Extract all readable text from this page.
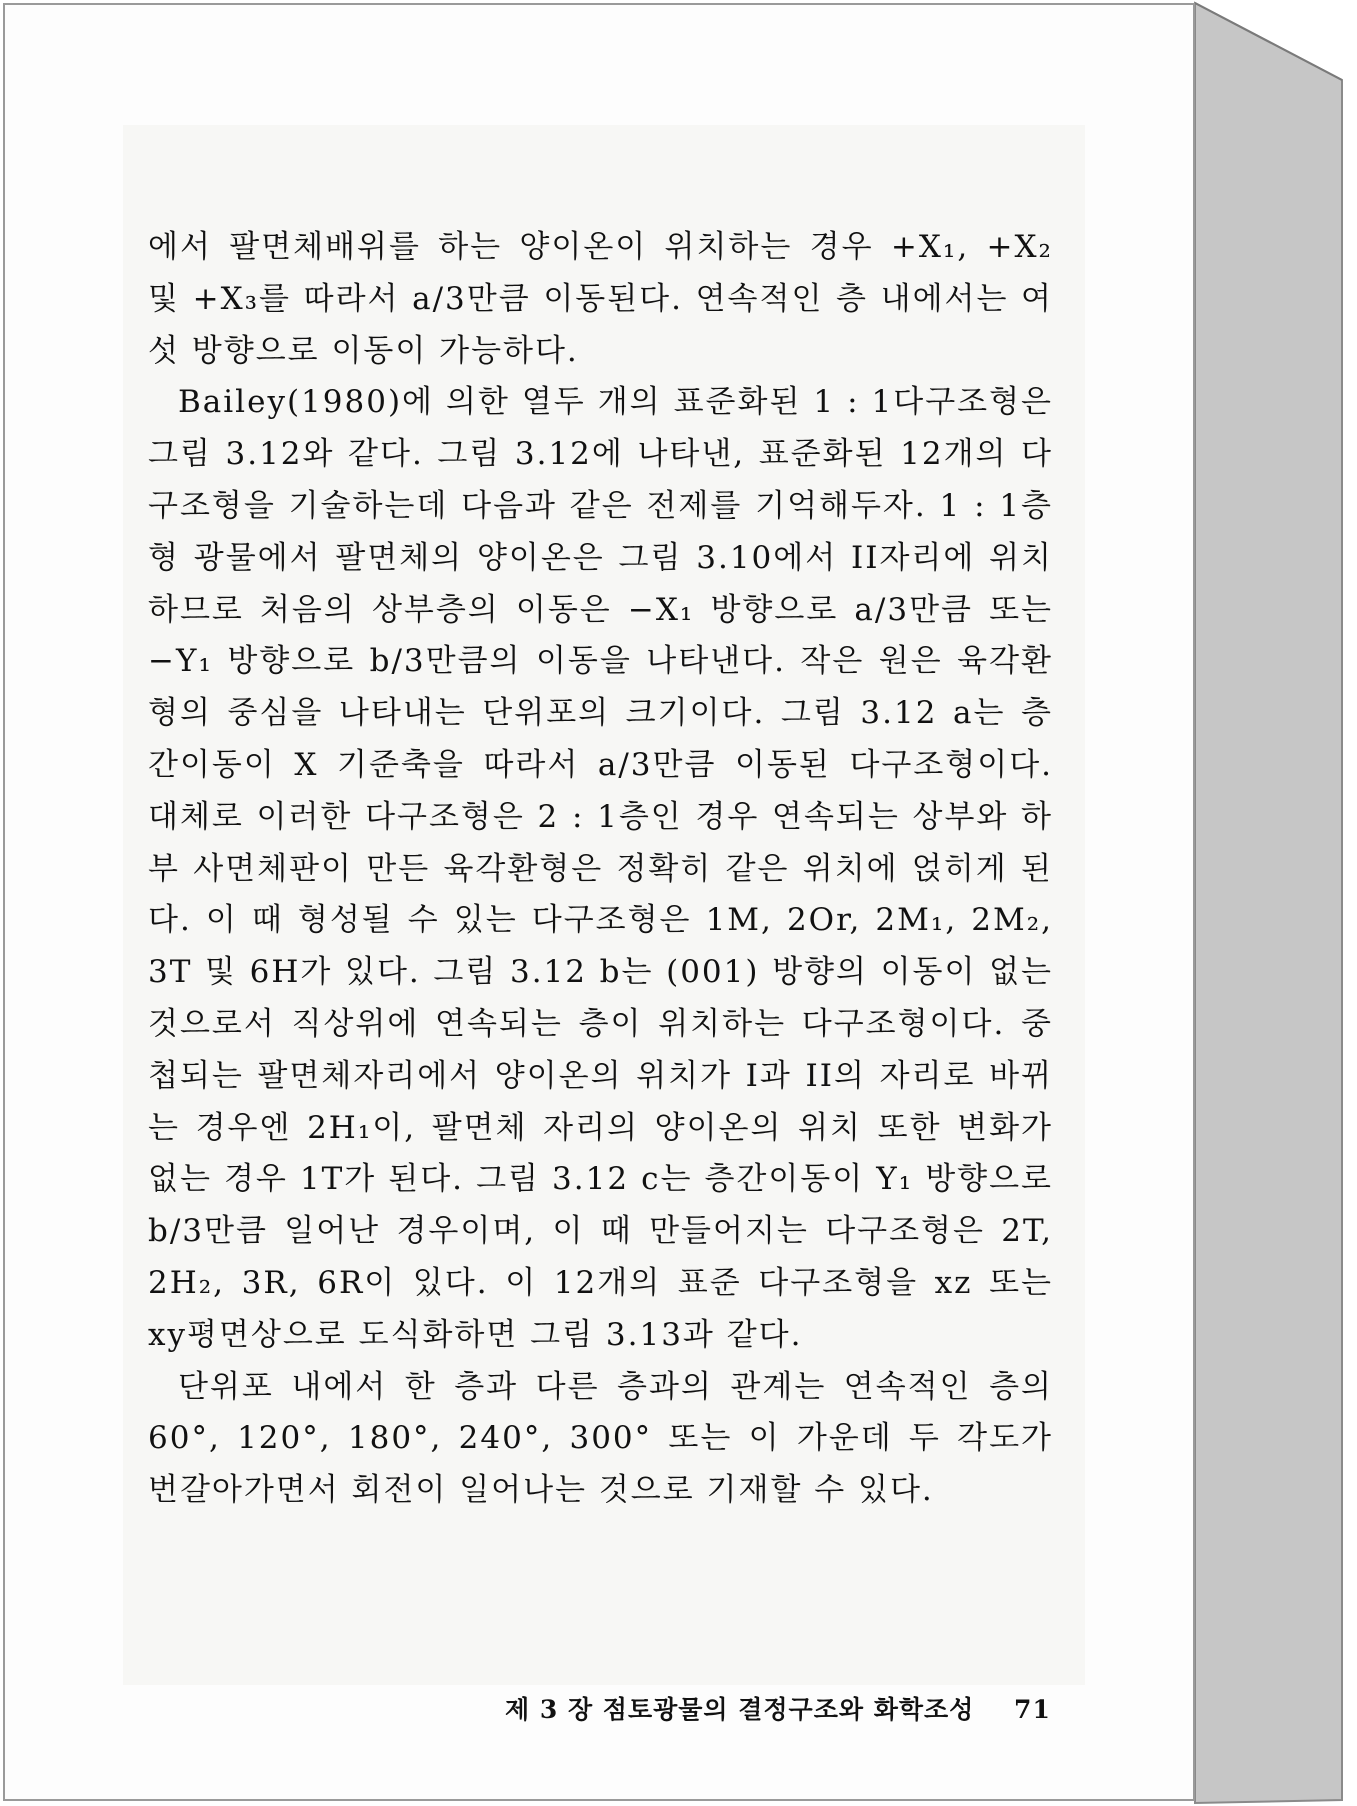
에서 팔면체배위를 하는 양이온이 위치하는 경우 +X₁, +X₂ 및 +X₃를 따라서 a/3만큼 이동된다. 연속적인 층 내에서는 여섯 방향으로 이동이 가능하다.

Bailey(1980)에 의한 열두 개의 표준화된 1 : 1다구조형은 그림 3.12와 같다. 그림 3.12에 나타낸, 표준화된 12개의 다구조형을 기술하는데 다음과 같은 전제를 기억해두자. 1 : 1층형 광물에서 팔면체의 양이온은 그림 3.10에서 II자리에 위치하므로 처음의 상부층의 이동은 −X₁ 방향으로 a/3만큼 또는 −Y₁ 방향으로 b/3만큼의 이동을 나타낸다. 작은 원은 육각환형의 중심을 나타내는 단위포의 크기이다. 그림 3.12 a는 층간이동이 X 기준축을 따라서 a/3만큼 이동된 다구조형이다. 대체로 이러한 다구조형은 2 : 1층인 경우 연속되는 상부와 하부 사면체판이 만든 육각환형은 정확히 같은 위치에 얹히게 된다. 이 때 형성될 수 있는 다구조형은 1M, 2Or, 2M₁, 2M₂, 3T 및 6H가 있다. 그림 3.12 b는 (001) 방향의 이동이 없는 것으로서 직상위에 연속되는 층이 위치하는 다구조형이다. 중첩되는 팔면체자리에서 양이온의 위치가 I과 II의 자리로 바뀌는 경우엔 2H₁이, 팔면체 자리의 양이온의 위치 또한 변화가 없는 경우 1T가 된다. 그림 3.12 c는 층간이동이 Y₁ 방향으로 b/3만큼 일어난 경우이며, 이 때 만들어지는 다구조형은 2T, 2H₂, 3R, 6R이 있다. 이 12개의 표준 다구조형을 xz 또는 xy평면상으로 도식화하면 그림 3.13과 같다.

단위포 내에서 한 층과 다른 층과의 관계는 연속적인 층의 60°, 120°, 180°, 240°, 300° 또는 이 가운데 두 각도가 번갈아가면서 회전이 일어나는 것으로 기재할 수 있다.

제 3 장 점토광물의 결정구조와 화학조성 71
